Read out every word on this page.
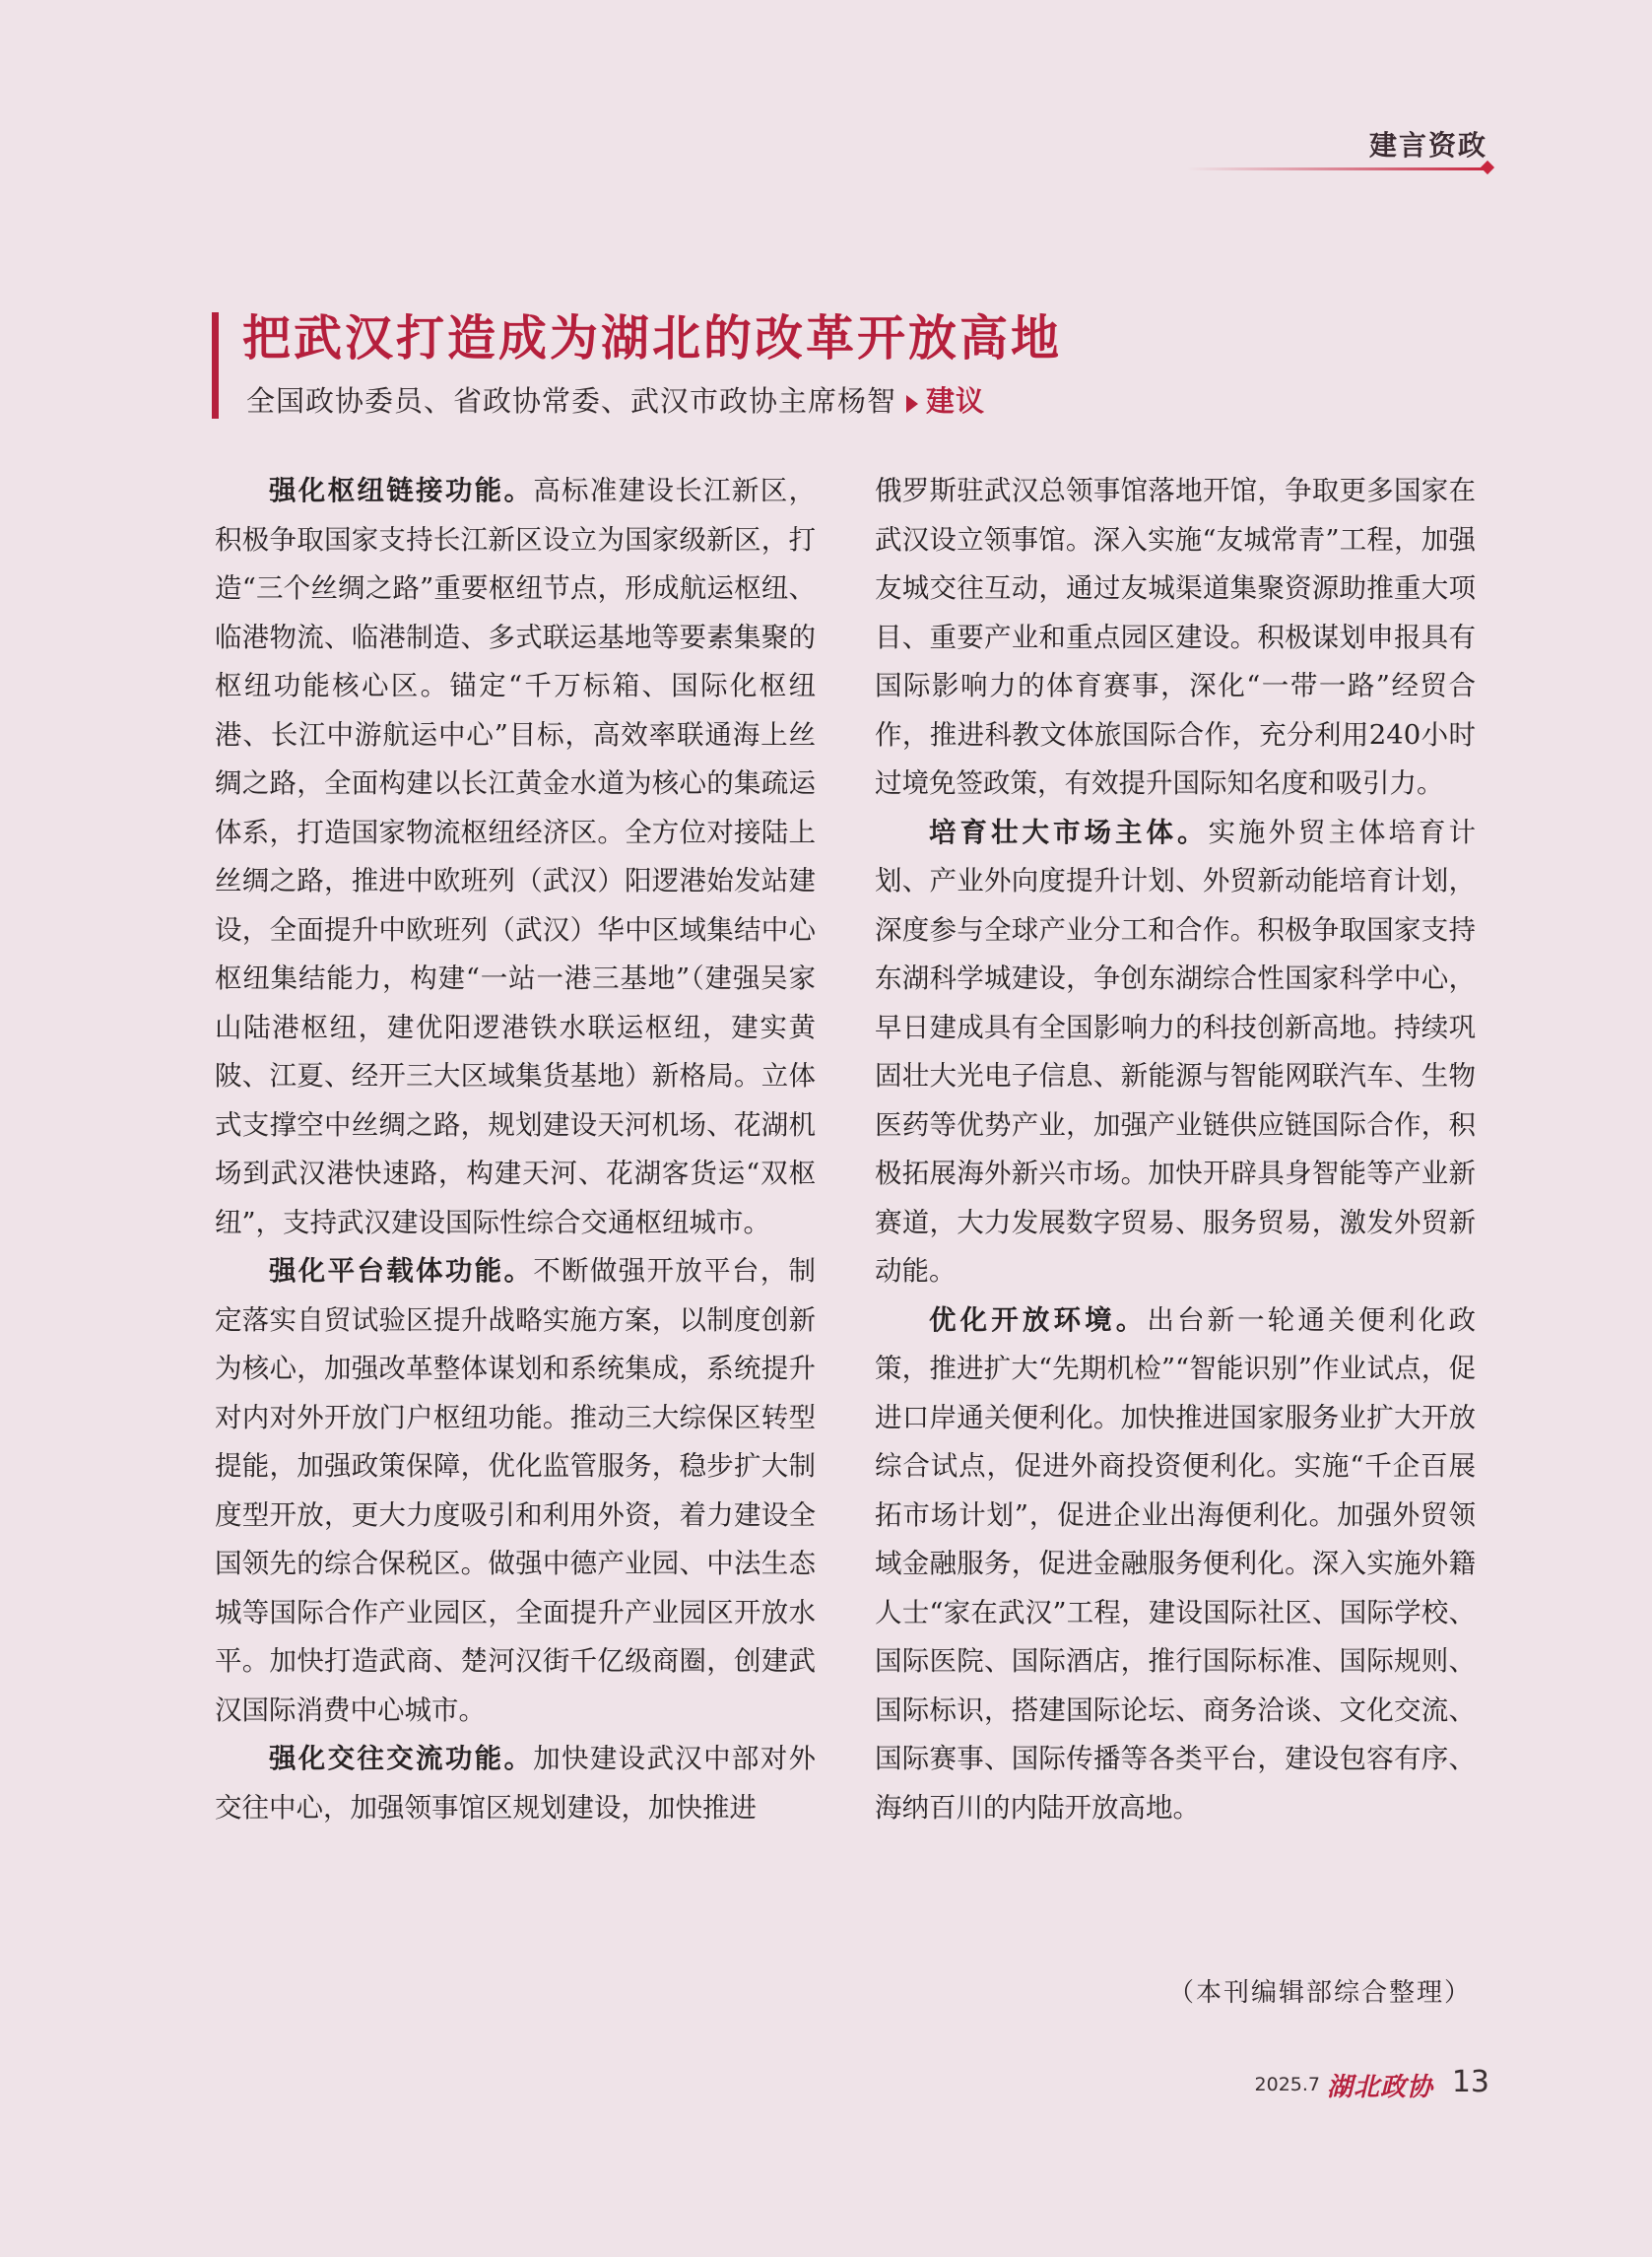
建言资政
把武汉打造成为湖北的改革开放高地
全国政协委员、省政协常委、武汉市政协主席杨智 建议

强化枢纽链接功能。高标准建设长江新区，积极争取国家支持长江新区设立为国家级新区，打造“三个丝绸之路”重要枢纽节点，形成航运枢纽、临港物流、临港制造、多式联运基地等要素集聚的枢纽功能核心区。锚定“千万标箱、国际化枢纽港、长江中游航运中心”目标，高效率联通海上丝绸之路，全面构建以长江黄金水道为核心的集疏运体系，打造国家物流枢纽经济区。全方位对接陆上丝绸之路，推进中欧班列（武汉）阳逻港始发站建设，全面提升中欧班列（武汉）华中区域集结中心枢纽集结能力，构建“一站一港三基地”（建强吴家山陆港枢纽，建优阳逻港铁水联运枢纽，建实黄陂、江夏、经开三大区域集货基地）新格局。立体式支撑空中丝绸之路，规划建设天河机场、花湖机场到武汉港快速路，构建天河、花湖客货运“双枢纽”，支持武汉建设国际性综合交通枢纽城市。

强化平台载体功能。不断做强开放平台，制定落实自贸试验区提升战略实施方案，以制度创新为核心，加强改革整体谋划和系统集成，系统提升对内对外开放门户枢纽功能。推动三大综保区转型提能，加强政策保障，优化监管服务，稳步扩大制度型开放，更大力度吸引和利用外资，着力建设全国领先的综合保税区。做强中德产业园、中法生态城等国际合作产业园区，全面提升产业园区开放水平。加快打造武商、楚河汉街千亿级商圈，创建武汉国际消费中心城市。

强化交往交流功能。加快建设武汉中部对外交往中心，加强领事馆区规划建设，加快推进

俄罗斯驻武汉总领事馆落地开馆，争取更多国家在武汉设立领事馆。深入实施“友城常青”工程，加强友城交往互动，通过友城渠道集聚资源助推重大项目、重要产业和重点园区建设。积极谋划申报具有国际影响力的体育赛事，深化“一带一路”经贸合作，推进科教文体旅国际合作，充分利用240小时过境免签政策，有效提升国际知名度和吸引力。

培育壮大市场主体。实施外贸主体培育计划、产业外向度提升计划、外贸新动能培育计划，深度参与全球产业分工和合作。积极争取国家支持东湖科学城建设，争创东湖综合性国家科学中心，早日建成具有全国影响力的科技创新高地。持续巩固壮大光电子信息、新能源与智能网联汽车、生物医药等优势产业，加强产业链供应链国际合作，积极拓展海外新兴市场。加快开辟具身智能等产业新赛道，大力发展数字贸易、服务贸易，激发外贸新动能。

优化开放环境。出台新一轮通关便利化政策，推进扩大“先期机检”“智能识别”作业试点，促进口岸通关便利化。加快推进国家服务业扩大开放综合试点，促进外商投资便利化。实施“千企百展拓市场计划”，促进企业出海便利化。加强外贸领域金融服务，促进金融服务便利化。深入实施外籍人士“家在武汉”工程，建设国际社区、国际学校、国际医院、国际酒店，推行国际标准、国际规则、国际标识，搭建国际论坛、商务洽谈、文化交流、国际赛事、国际传播等各类平台，建设包容有序、海纳百川的内陆开放高地。

（本刊编辑部综合整理）
2025.7 湖北政协 13
